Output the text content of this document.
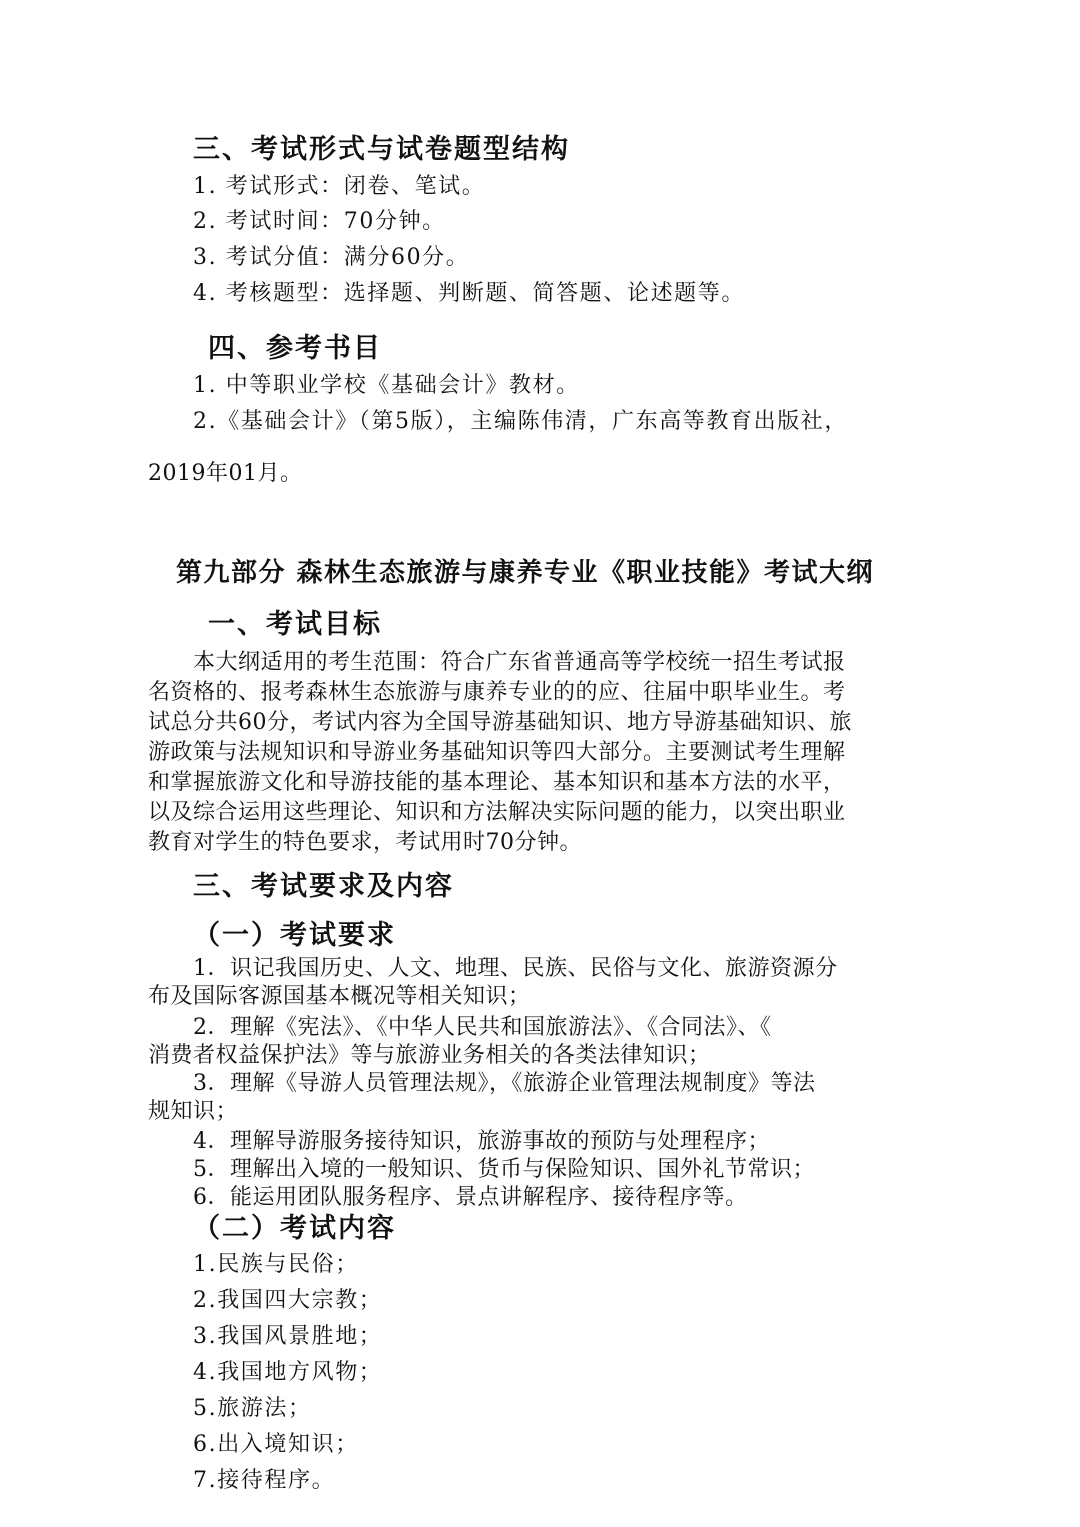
三、考试形式与试卷题型结构
1. 考试形式：闭卷、笔试。
2. 考试时间：70分钟。
3. 考试分值：满分60分。
4. 考核题型：选择题、判断题、简答题、论述题等。
四、参考书目
1. 中等职业学校《基础会计》教材。
2.《基础会计》（第5版），主编陈伟清，广东高等教育出版社，
2019年01月。
第九部分 森林生态旅游与康养专业《职业技能》考试大纲
一、考试目标
本大纲适用的考生范围：符合广东省普通高等学校统一招生考试报
名资格的、报考森林生态旅游与康养专业的的应、往届中职毕业生。考
试总分共60分，考试内容为全国导游基础知识、地方导游基础知识、旅
游政策与法规知识和导游业务基础知识等四大部分。主要测试考生理解
和掌握旅游文化和导游技能的基本理论、基本知识和基本方法的水平，
以及综合运用这些理论、知识和方法解决实际问题的能力，以突出职业
教育对学生的特色要求，考试用时70分钟。
三、考试要求及内容
（一）考试要求
1．识记我国历史、人文、地理、民族、民俗与文化、旅游资源分
布及国际客源国基本概况等相关知识；
2．理解《宪法》、《中华人民共和国旅游法》、《合同法》、《
消费者权益保护法》等与旅游业务相关的各类法律知识；
3．理解《导游人员管理法规》，《旅游企业管理法规制度》等法
规知识；
4．理解导游服务接待知识，旅游事故的预防与处理程序；
5．理解出入境的一般知识、货币与保险知识、国外礼节常识；
6．能运用团队服务程序、景点讲解程序、接待程序等。
（二）考试内容
1.民族与民俗；
2.我国四大宗教；
3.我国风景胜地；
4.我国地方风物；
5.旅游法；
6.出入境知识；
7.接待程序。
